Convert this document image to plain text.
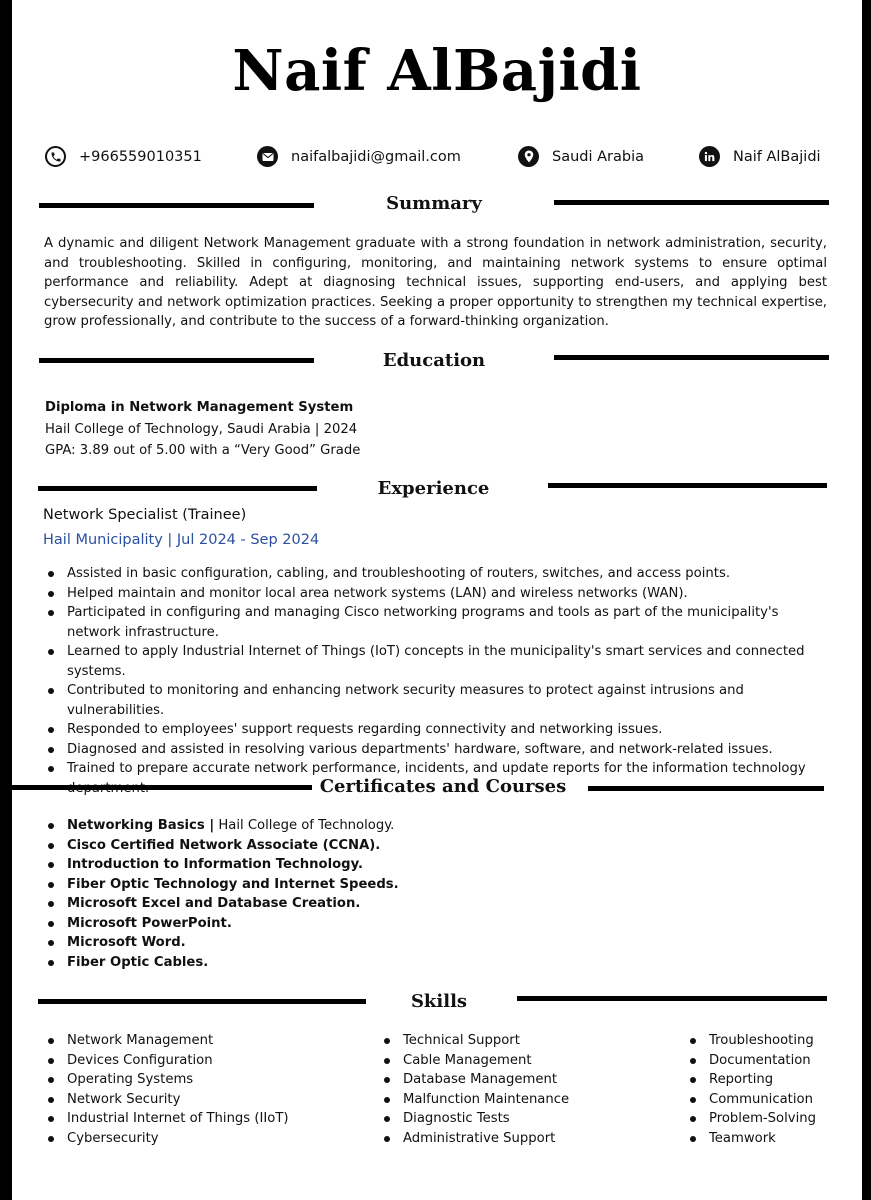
Naif AlBajidi
+966559010351	naifalbajidi@gmail.com	Saudi Arabia	Naif AlBajidi
Summary
A dynamic and diligent Network Management graduate with a strong foundation in network administration, security, and troubleshooting. Skilled in configuring, monitoring, and maintaining network systems to ensure optimal performance and reliability. Adept at diagnosing technical issues, supporting end-users, and applying best cybersecurity and network optimization practices. Seeking a proper opportunity to strengthen my technical expertise, grow professionally, and contribute to the success of a forward-thinking organization.
Education
Diploma in Network Management System
Hail College of Technology, Saudi Arabia | 2024
GPA: 3.89 out of 5.00 with a “Very Good” Grade
Experience
Network Specialist (Trainee)
Hail Municipality | Jul 2024 - Sep 2024
Assisted in basic configuration, cabling, and troubleshooting of routers, switches, and access points.
Helped maintain and monitor local area network systems (LAN) and wireless networks (WAN).
Participated in configuring and managing Cisco networking programs and tools as part of the municipality's network infrastructure.
Learned to apply Industrial Internet of Things (IoT) concepts in the municipality's smart services and connected systems.
Contributed to monitoring and enhancing network security measures to protect against intrusions and vulnerabilities.
Responded to employees' support requests regarding connectivity and networking issues.
Diagnosed and assisted in resolving various departments' hardware, software, and network-related issues.
Trained to prepare accurate network performance, incidents, and update reports for the information technology
Certificates and Courses
Networking Basics | Hail College of Technology.
Cisco Certified Network Associate (CCNA).
Introduction to Information Technology.
Fiber Optic Technology and Internet Speeds.
Microsoft Excel and Database Creation.
Microsoft PowerPoint.
Microsoft Word.
Fiber Optic Cables.
Skills
Network Management
Devices Configuration
Operating Systems
Network Security
Industrial Internet of Things (IIoT)
Cybersecurity
Technical Support
Cable Management
Database Management
Malfunction Maintenance
Diagnostic Tests
Administrative Support
Troubleshooting
Documentation
Reporting
Communication
Problem-Solving
Teamwork
